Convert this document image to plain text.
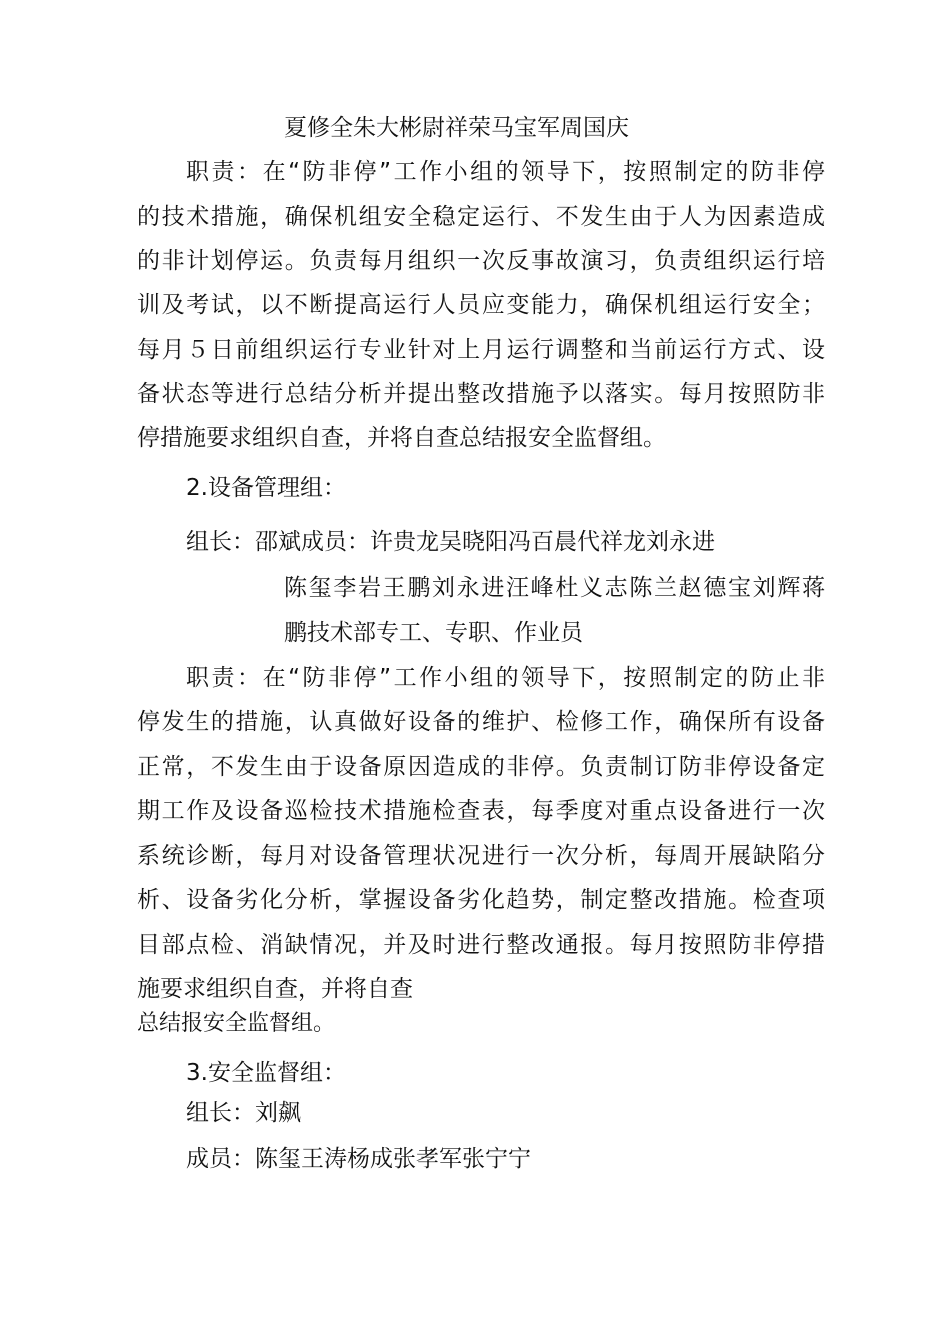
夏修全朱大彬尉祥荣马宝军周国庆
职责：在“防非停”工作小组的领导下，按照制定的防非停
的技术措施，确保机组安全稳定运行、不发生由于人为因素造成
的非计划停运。负责每月组织一次反事故演习，负责组织运行培
训及考试，以不断提高运行人员应变能力，确保机组运行安全；
每月５日前组织运行专业针对上月运行调整和当前运行方式、设
备状态等进行总结分析并提出整改措施予以落实。每月按照防非
停措施要求组织自查，并将自查总结报安全监督组。
2.设备管理组：
组长：邵斌成员：许贵龙吴晓阳冯百晨代祥龙刘永进
陈玺李岩王鹏刘永进汪峰杜义志陈兰赵德宝刘辉蒋
鹏技术部专工、专职、作业员
职责：在“防非停”工作小组的领导下，按照制定的防止非
停发生的措施，认真做好设备的维护、检修工作，确保所有设备
正常，不发生由于设备原因造成的非停。负责制订防非停设备定
期工作及设备巡检技术措施检查表，每季度对重点设备进行一次
系统诊断，每月对设备管理状况进行一次分析，每周开展缺陷分
析、设备劣化分析，掌握设备劣化趋势，制定整改措施。检查项
目部点检、消缺情况，并及时进行整改通报。每月按照防非停措
施要求组织自查，并将自查
总结报安全监督组。
3.安全监督组：
组长：刘飙
成员：陈玺王涛杨成张孝军张宁宁
